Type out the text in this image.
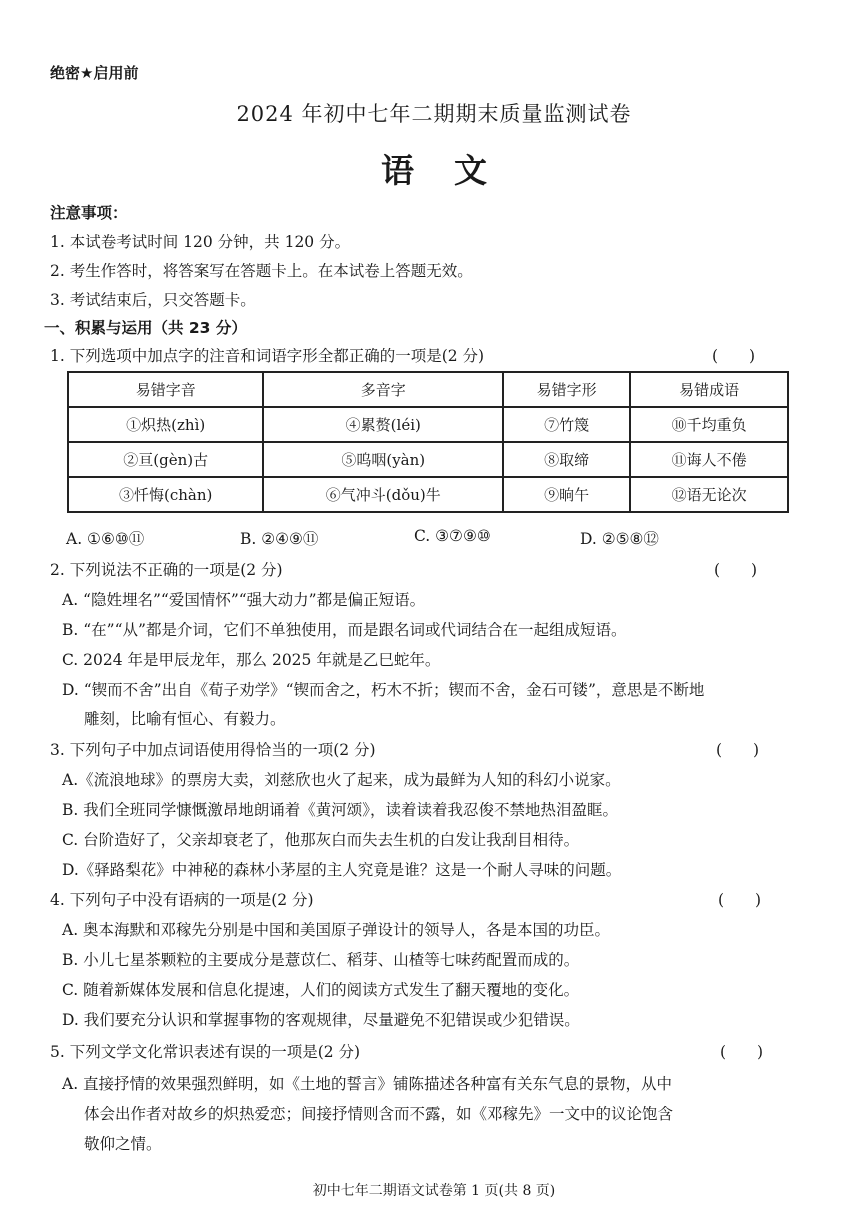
绝密★启用前
2024 年初中七年二期期末质量监测试卷
语文
注意事项：
1. 本试卷考试时间 120 分钟，共 120 分。
2. 考生作答时，将答案写在答题卡上。在本试卷上答题无效。
3. 考试结束后，只交答题卡。
一、积累与运用（共 23 分）
1. 下列选项中加点字的注音和词语字形全都正确的一项是(2 分)	(　　)
易错字音	多音字	易错字形	易错成语
①炽热(zhì)	④累赘(léi)	⑦竹篾	⑩千均重负
②亘(gèn)古	⑤呜咽(yàn)	⑧取缔	⑪诲人不倦
③忏悔(chàn)	⑥气冲斗(dǒu)牛	⑨晌午	⑫语无论次
A. ①⑥⑩⑪	B. ②④⑨⑪	C. ③⑦⑨⑩	D. ②⑤⑧⑫
2. 下列说法不正确的一项是(2 分)	(　　)
A. “隐姓埋名”“爱国情怀”“强大动力”都是偏正短语。
B. “在”“从”都是介词，它们不单独使用，而是跟名词或代词结合在一起组成短语。
C. 2024 年是甲辰龙年，那么 2025 年就是乙巳蛇年。
D. “锲而不舍”出自《荀子劝学》“锲而舍之，朽木不折；锲而不舍，金石可镂”，意思是不断地
雕刻，比喻有恒心、有毅力。
3. 下列句子中加点词语使用得恰当的一项(2 分)	(　　)
A.《流浪地球》的票房大卖，刘慈欣也火了起来，成为最鲜为人知的科幻小说家。
B. 我们全班同学慷慨激昂地朗诵着《黄河颂》，读着读着我忍俊不禁地热泪盈眶。
C. 台阶造好了，父亲却衰老了，他那灰白而失去生机的白发让我刮目相待。
D.《驿路梨花》中神秘的森林小茅屋的主人究竟是谁？这是一个耐人寻味的问题。
4. 下列句子中没有语病的一项是(2 分)	(　　)
A. 奥本海默和邓稼先分别是中国和美国原子弹设计的领导人，各是本国的功臣。
B. 小儿七星茶颗粒的主要成分是薏苡仁、稻芽、山楂等七味药配置而成的。
C. 随着新媒体发展和信息化提速，人们的阅读方式发生了翻天覆地的变化。
D. 我们要充分认识和掌握事物的客观规律，尽量避免不犯错误或少犯错误。
5. 下列文学文化常识表述有误的一项是(2 分)	(　　)
A. 直接抒情的效果强烈鲜明，如《土地的誓言》铺陈描述各种富有关东气息的景物，从中
体会出作者对故乡的炽热爱恋；间接抒情则含而不露，如《邓稼先》一文中的议论饱含
敬仰之情。
初中七年二期语文试卷第 1 页(共 8 页)
